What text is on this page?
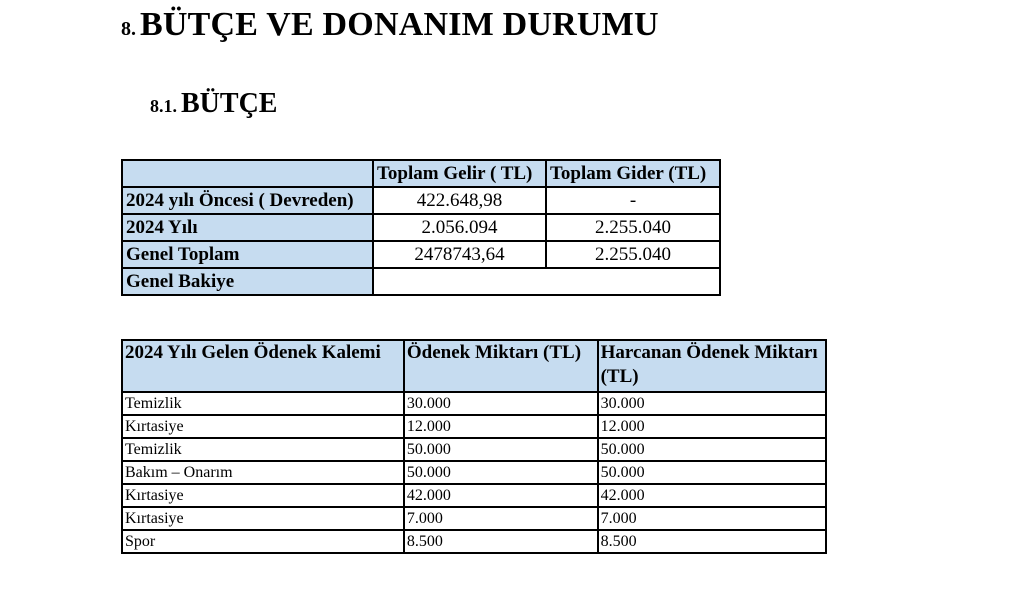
8. BÜTÇE VE DONANIM DURUMU
8.1. BÜTÇE
	Toplam Gelir ( TL)	Toplam Gider (TL)
2024 yılı Öncesi ( Devreden)	422.648,98	-
2024 Yılı	2.056.094	2.255.040
Genel Toplam	2478743,64	2.255.040
Genel Bakiye		
2024 Yılı Gelen Ödenek Kalemi	Ödenek Miktarı (TL)	Harcanan Ödenek Miktarı (TL)
Temizlik	30.000	30.000
Kırtasiye	12.000	12.000
Temizlik	50.000	50.000
Bakım – Onarım	50.000	50.000
Kırtasiye	42.000	42.000
Kırtasiye	7.000	7.000
Spor	8.500	8.500
